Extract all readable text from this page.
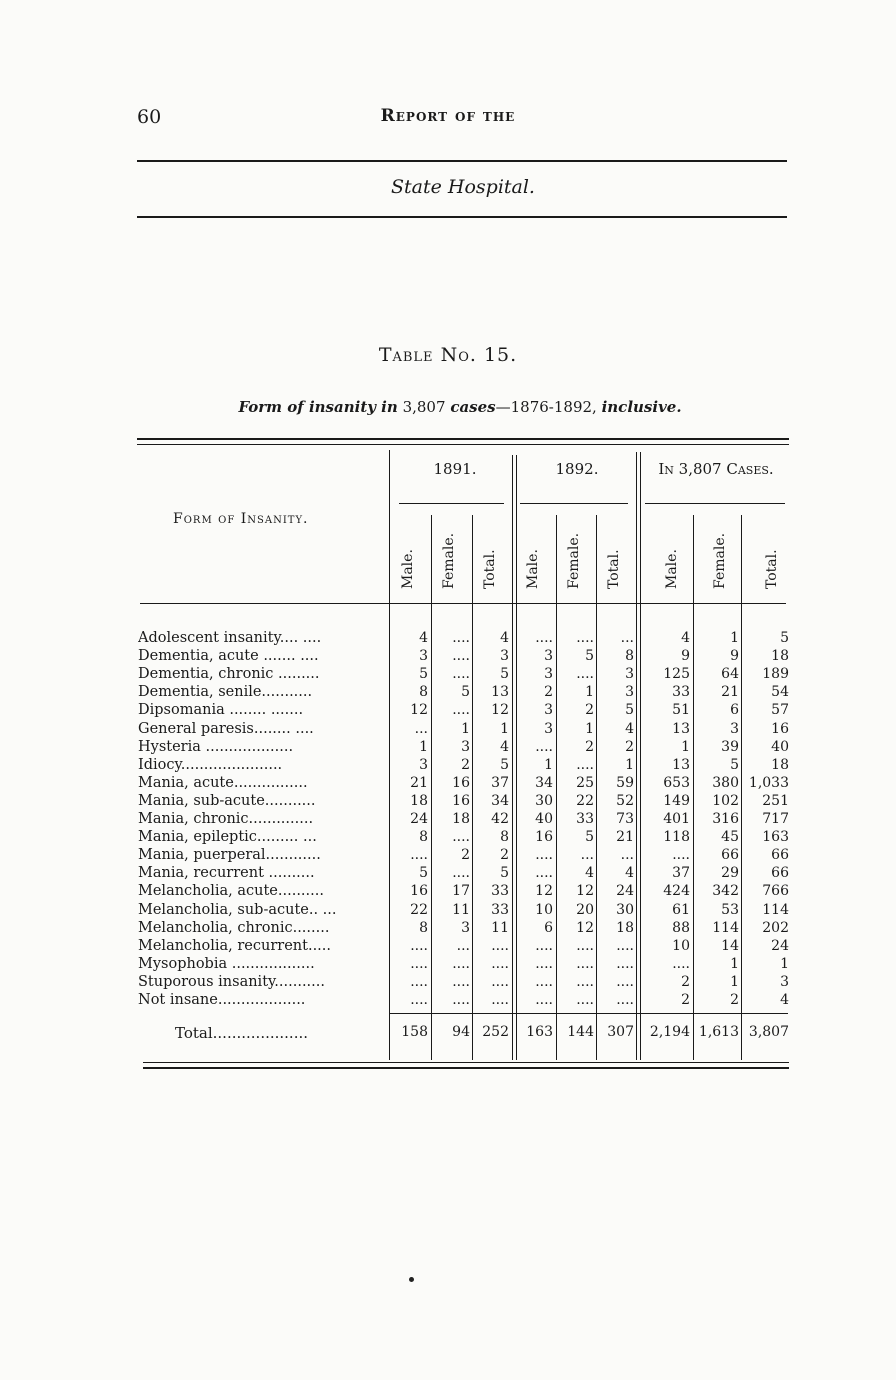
60	Report of the
State Hospital.
Table No. 15.
Form of insanity in 3,807 cases—1876-1892, inclusive.
1891.	1892.	In 3,807 Cases.
Form of Insanity.
Male. Female. Total. Male. Female. Total.	Male. Female.	Total.
Adolescent insanity.... ....	4 .... 4 .... .... ...	4	1	5
Dementia, acute ....... ....	3 .... 3	3 5 8	9	9 18
Dementia, chronic .........	5 .... 5	3 .... 3 125 64 189
Dementia, senile...........	8 5 13	2 1 3	33 21 54
Dipsomania ........ .......	12 .... 12	3 2 5	51	6 57
General paresis........ ....	... 1 1	3 1 4	13	3 16
Hysteria ...................	1 3 4 .... 2 2	1 39 40
Idiocy......................	3 2 5	1 .... 1	13	5 18
Mania, acute................	21 16 37 34 25 59 653 380 1,033
Mania, sub-acute...........	18 16 34 30 22 52 149 102 251
Mania, chronic..............	24 18 42 40 33 73 401 316 717
Mania, epileptic......... ...	8 .... 8 16 5 21 118 45 163
Mania, puerperal............	.... 2 2 .... ... ...	.... 66 66
Mania, recurrent ..........	5 .... 5 .... 4 4	37 29 66
Melancholia, acute..........	16 17 33 12 12 24 424 342 766
Melancholia, sub-acute.. ...	22 11 33 10 20 30	61 53 114
Melancholia, chronic........	8 3 11	6 12 18	88 114 202
Melancholia, recurrent.....	.... ... .... .... .... ....	10 14 24
Mysophobia ..................	.... .... .... .... .... ....	....	1	1
Stuporous insanity...........	.... .... .... .... .... ....	2	1	3
Not insane...................	.... .... .... .... .... ....	2	2	4
Total....................	158 94 252 163 144 307 2,194 1,613 3,807
